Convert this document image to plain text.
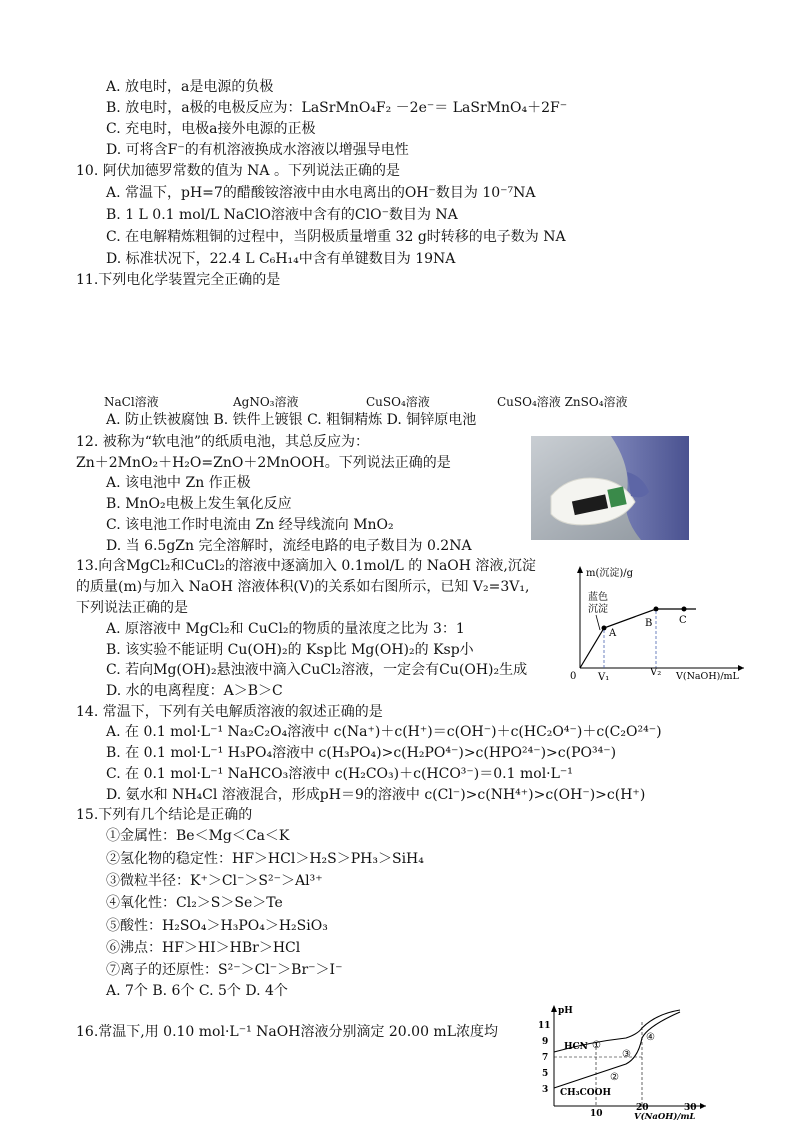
A. 放电时，a是电源的负极
B. 放电时，a极的电极反应为：LaSrMnO₄F₂ －2e⁻＝ LaSrMnO₄＋2F⁻
C. 充电时，电极a接外电源的正极
D. 可将含F⁻的有机溶液换成水溶液以增强导电性
10. 阿伏加德罗常数的值为 NA 。下列说法正确的是
A. 常温下，pH=7的醋酸铵溶液中由水电离出的OH⁻数目为 10⁻⁷NA
B. 1 L 0.1 mol/L NaClO溶液中含有的ClO⁻数目为 NA
C. 在电解精炼粗铜的过程中，当阴极质量增重 32 g时转移的电子数为 NA
D. 标准状况下，22.4 L C₆H₁₄中含有单键数目为 19NA
11.下列电化学装置完全正确的是
NaCl溶液	AgNO₃溶液	CuSO₄溶液	CuSO₄溶液 ZnSO₄溶液
A. 防止铁被腐蚀 B. 铁件上镀银 C. 粗铜精炼 D. 铜锌原电池
12. 被称为“软电池”的纸质电池，其总反应为：
Zn＋2MnO₂＋H₂O=ZnO＋2MnOOH。下列说法正确的是
A. 该电池中 Zn 作正极
B. MnO₂电极上发生氧化反应
C. 该电池工作时电流由 Zn 经导线流向 MnO₂
D. 当 6.5gZn 完全溶解时，流经电路的电子数目为 0.2NA
13.向含MgCl₂和CuCl₂的溶液中逐滴加入 0.1mol/L 的 NaOH 溶液,沉淀
的质量(m)与加入 NaOH 溶液体积(V)的关系如右图所示，已知 V₂=3V₁,
下列说法正确的是
A. 原溶液中 MgCl₂和 CuCl₂的物质的量浓度之比为 3：1
B. 该实验不能证明 Cu(OH)₂的 Ksp比 Mg(OH)₂的 Ksp小
C. 若向Mg(OH)₂悬浊液中滴入CuCl₂溶液，一定会有Cu(OH)₂生成
D. 水的电离程度：A＞B＞C
m(沉淀)/g
0
蓝色
沉淀
A
B	C
V₁	V₂ V(NaOH)/mL
14. 常温下，下列有关电解质溶液的叙述正确的是
A. 在 0.1 mol·L⁻¹ Na₂C₂O₄溶液中 c(Na⁺)＋c(H⁺)＝c(OH⁻)＋c(HC₂O⁴⁻)＋c(C₂O²⁴⁻)
B. 在 0.1 mol·L⁻¹ H₃PO₄溶液中 c(H₃PO₄)>c(H₂PO⁴⁻)>c(HPO²⁴⁻)>c(PO³⁴⁻)
C. 在 0.1 mol·L⁻¹ NaHCO₃溶液中 c(H₂CO₃)＋c(HCO³⁻)＝0.1 mol·L⁻¹
D. 氨水和 NH₄Cl 溶液混合，形成pH＝9的溶液中 c(Cl⁻)>c(NH⁴⁺)>c(OH⁻)>c(H⁺)
15.下列有几个结论是正确的
①金属性：Be＜Mg＜Ca＜K
②氢化物的稳定性：HF＞HCl＞H₂S＞PH₃＞SiH₄
③微粒半径：K⁺＞Cl⁻＞S²⁻＞Al³⁺
④氧化性：Cl₂＞S＞Se＞Te
⑤酸性：H₂SO₄＞H₃PO₄＞H₂SiO₃
⑥沸点：HF＞HI＞HBr＞HCl
⑦离子的还原性：S²⁻＞Cl⁻＞Br⁻＞I⁻
A. 7个 B. 6个 C. 5个 D. 4个
16.常温下,用 0.10 mol·L⁻¹ NaOH溶液分别滴定 20.00 mL浓度均
pH
11
9
7
5
3
HCN
CH₃COOH
①
②
③
④
10
20	30
V(NaOH)/mL
